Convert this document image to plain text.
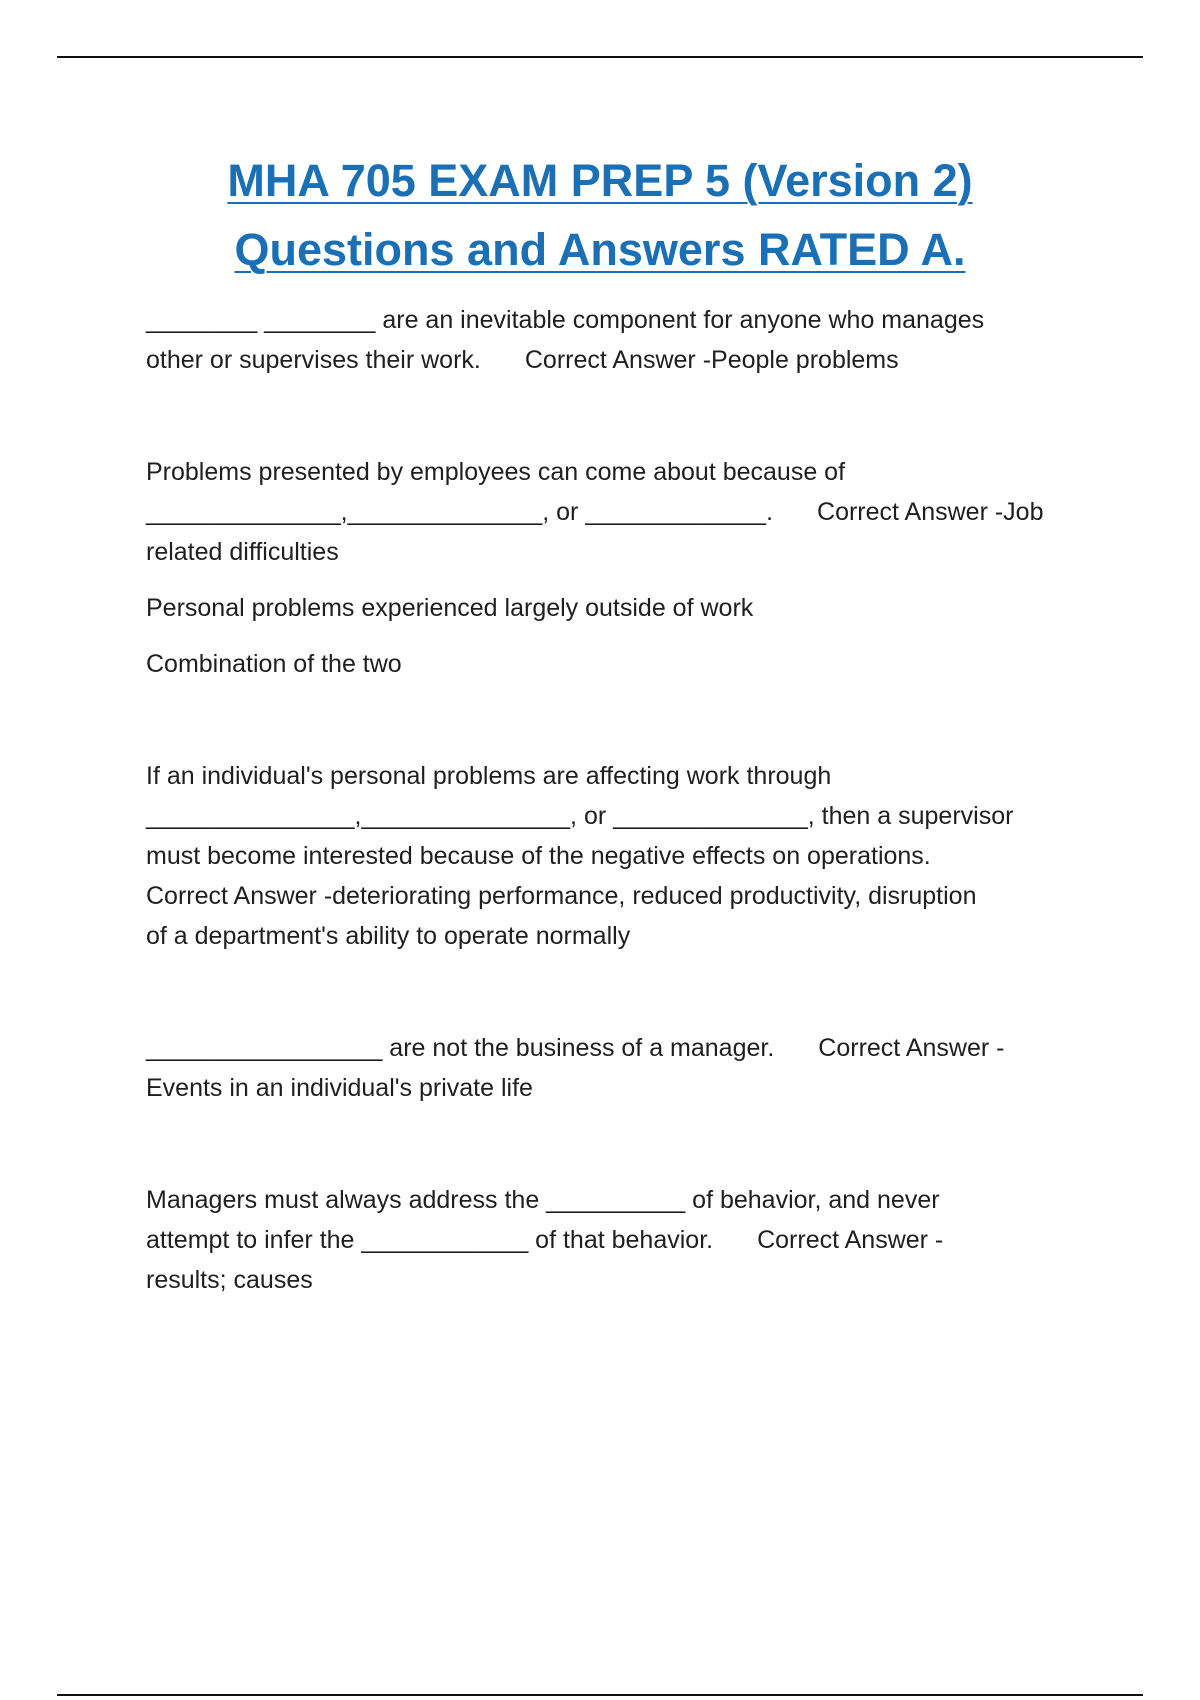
MHA 705 EXAM PREP 5 (Version 2)
Questions and Answers RATED A.

________ ________ are an inevitable component for anyone who manages

other or supervises their work. Correct Answer -People problems

Problems presented by employees can come about because of

______________,______________, or _____________. Correct Answer -Job

related difficulties

Personal problems experienced largely outside of work

Combination of the two

If an individual's personal problems are affecting work through

_______________,_______________, or ______________, then a supervisor

must become interested because of the negative effects on operations.

Correct Answer -deteriorating performance, reduced productivity, disruption

of a department's ability to operate normally

_________________ are not the business of a manager. Correct Answer -

Events in an individual's private life

Managers must always address the __________ of behavior, and never

attempt to infer the ____________ of that behavior. Correct Answer -

results; causes
